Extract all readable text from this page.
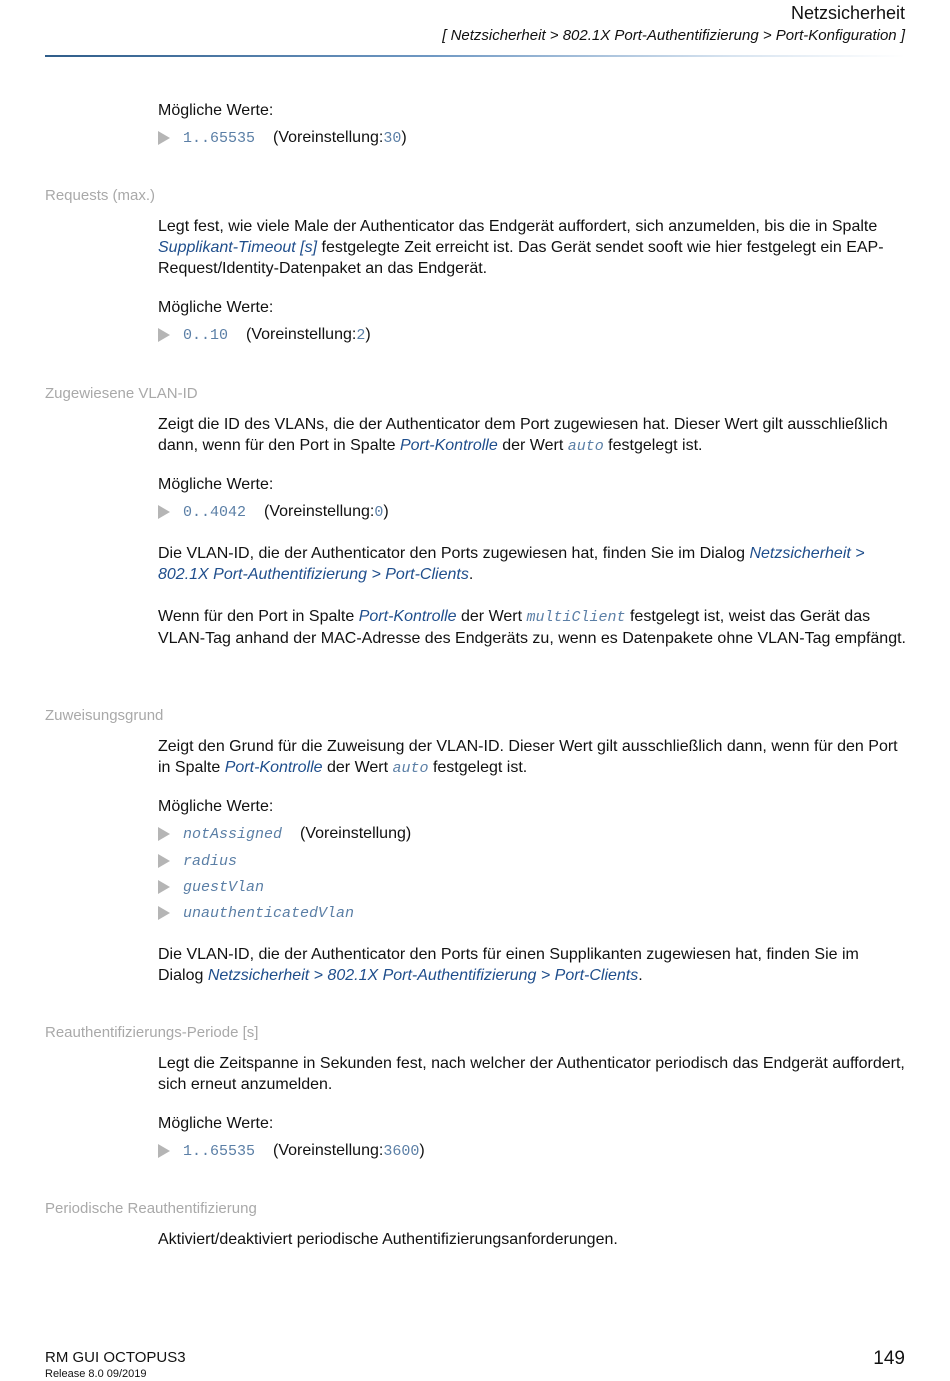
Netzsicherheit
[ Netzsicherheit > 802.1X Port-Authentifizierung > Port-Konfiguration ]
Mögliche Werte:
1..65535 (Voreinstellung: 30 )
Requests (max.)
Legt fest, wie viele Male der Authenticator das Endgerät auffordert, sich anzumelden, bis die in Spalte Supplikant-Timeout [s] festgelegte Zeit erreicht ist. Das Gerät sendet sooft wie hier festgelegt ein EAP-Request/Identity-Datenpaket an das Endgerät.
Mögliche Werte:
0..10 (Voreinstellung: 2 )
Zugewiesene VLAN-ID
Zeigt die ID des VLANs, die der Authenticator dem Port zugewiesen hat. Dieser Wert gilt ausschließlich dann, wenn für den Port in Spalte Port-Kontrolle der Wert auto festgelegt ist.
Mögliche Werte:
0..4042 (Voreinstellung: 0 )
Die VLAN-ID, die der Authenticator den Ports zugewiesen hat, finden Sie im Dialog Netzsicherheit > 802.1X Port-Authentifizierung > Port-Clients.
Wenn für den Port in Spalte Port-Kontrolle der Wert multiClient festgelegt ist, weist das Gerät das VLAN-Tag anhand der MAC-Adresse des Endgeräts zu, wenn es Datenpakete ohne VLAN-Tag empfängt.
Zuweisungsgrund
Zeigt den Grund für die Zuweisung der VLAN-ID. Dieser Wert gilt ausschließlich dann, wenn für den Port in Spalte Port-Kontrolle der Wert auto festgelegt ist.
Mögliche Werte:
notAssigned (Voreinstellung)
radius
guestVlan
unauthenticatedVlan
Die VLAN-ID, die der Authenticator den Ports für einen Supplikanten zugewiesen hat, finden Sie im Dialog Netzsicherheit > 802.1X Port-Authentifizierung > Port-Clients.
Reauthentifizierungs-Periode [s]
Legt die Zeitspanne in Sekunden fest, nach welcher der Authenticator periodisch das Endgerät auffordert, sich erneut anzumelden.
Mögliche Werte:
1..65535 (Voreinstellung: 3600 )
Periodische Reauthentifizierung
Aktiviert/deaktiviert periodische Authentifizierungsanforderungen.
RM GUI OCTOPUS3
Release 8.0 09/2019
149
